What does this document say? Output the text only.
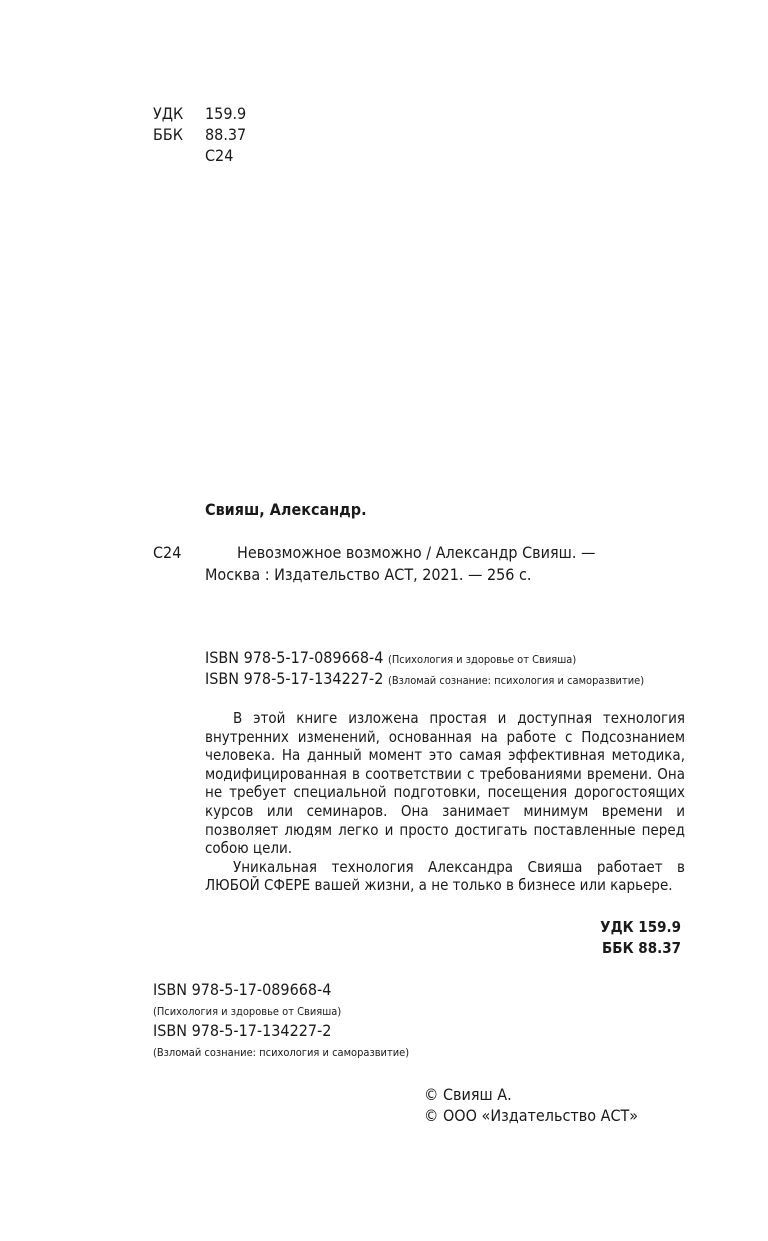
УДК 159.9
ББК 88.37
С24
Свияш, Александр.
С24	Невозможное возможно / Александр Свияш. —
Москва : Издательство АСТ, 2021. — 256 с.
ISBN 978-5-17-089668-4 (Психология и здоровье от Свияша)
ISBN 978-5-17-134227-2 (Взломай сознание: психология и саморазвитие)
В этой книге изложена простая и доступная технология внутренних изменений, основанная на работе с Подсознанием человека. На данный момент это самая эффективная методика, модифицированная в соответствии с требованиями времени. Она не требует специальной подготовки, посещения дорогостоящих курсов или семинаров. Она занимает минимум времени и позволяет людям легко и просто достигать поставленные перед собою цели.
Уникальная технология Александра Свияша работает в ЛЮБОЙ СФЕРЕ вашей жизни, а не только в бизнесе или карьере.
УДК 159.9
ББК 88.37
ISBN 978-5-17-089668-4
(Психология и здоровье от Свияша)
ISBN 978-5-17-134227-2
(Взломай сознание: психология и саморазвитие)
© Свияш А.
© ООО «Издательство АСТ»
